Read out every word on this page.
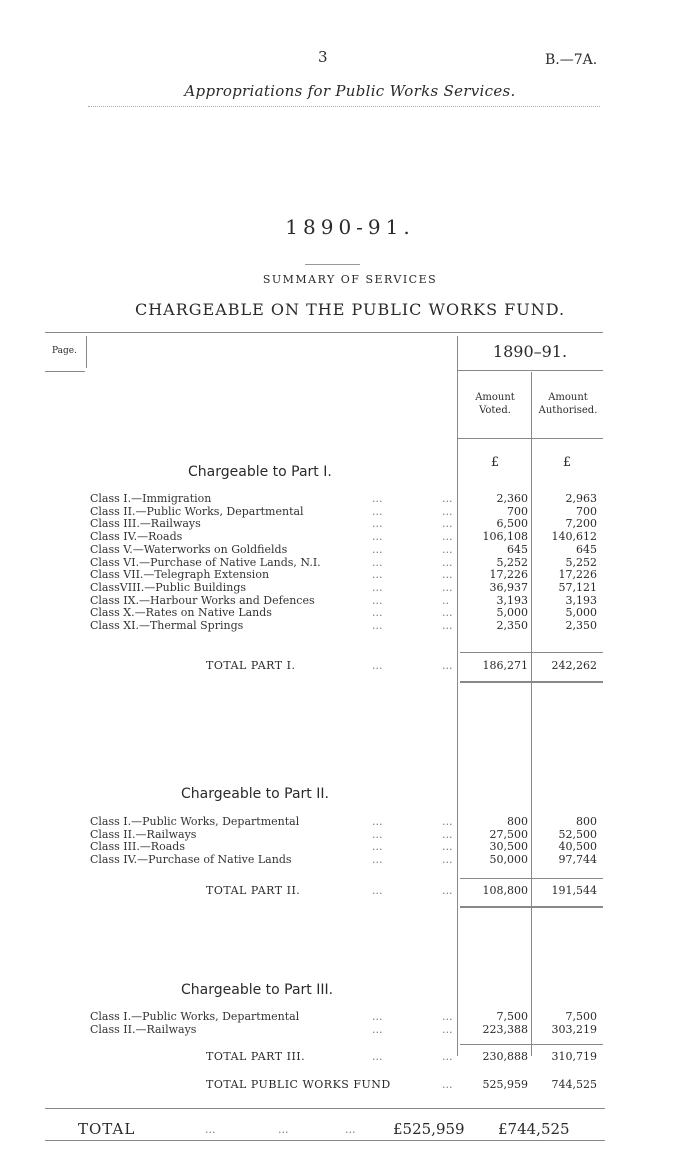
3	B.—7A.
Appropriations for Public Works Services.
1890-91.
SUMMARY OF SERVICES
CHARGEABLE ON THE PUBLIC WORKS FUND.
Page.	1890–91.
Amount
Voted.
Amount
Authorised.
£	£
Chargeable to Part I.
Class I.—Immigration	...	...	2,360	2,963
Class II.—Public Works, Departmental	...	...	700	700
Class III.—Railways	...	...	6,500	7,200
Class IV.—Roads	...	...	106,108 140,612
Class V.—Waterworks on Goldfields	...	...	645	645
Class VI.—Purchase of Native Lands, N.I.	...	...	5,252	5,252
Class VII.—Telegraph Extension	...	...	17,226	17,226
ClassVIII.—Public Buildings	...	...	36,937	57,121
Class IX.—Harbour Works and Defences	...	..	3,193	3,193
Class X.—Rates on Native Lands	...	...	5,000	5,000
Class XI.—Thermal Springs	...	...	2,350	2,350
TOTAL PART I.	...	...	186,271 242,262
Chargeable to Part II.
Class I.—Public Works, Departmental	...	...	800	800
Class II.—Railways	...	...	27,500	52,500
Class III.—Roads	...	...	30,500	40,500
Class IV.—Purchase of Native Lands	...	...	50,000	97,744
TOTAL PART II.	...	...	108,800 191,544
Chargeable to Part III.
Class I.—Public Works, Departmental	...	...	7,500	7,500
Class II.—Railways	...	...	223,388 303,219
TOTAL PART III.	...	...	230,888 310,719
TOTAL PUBLIC WORKS FUND	...	525,959 744,525
TOTAL	...	...	...	£525,959 £744,525
